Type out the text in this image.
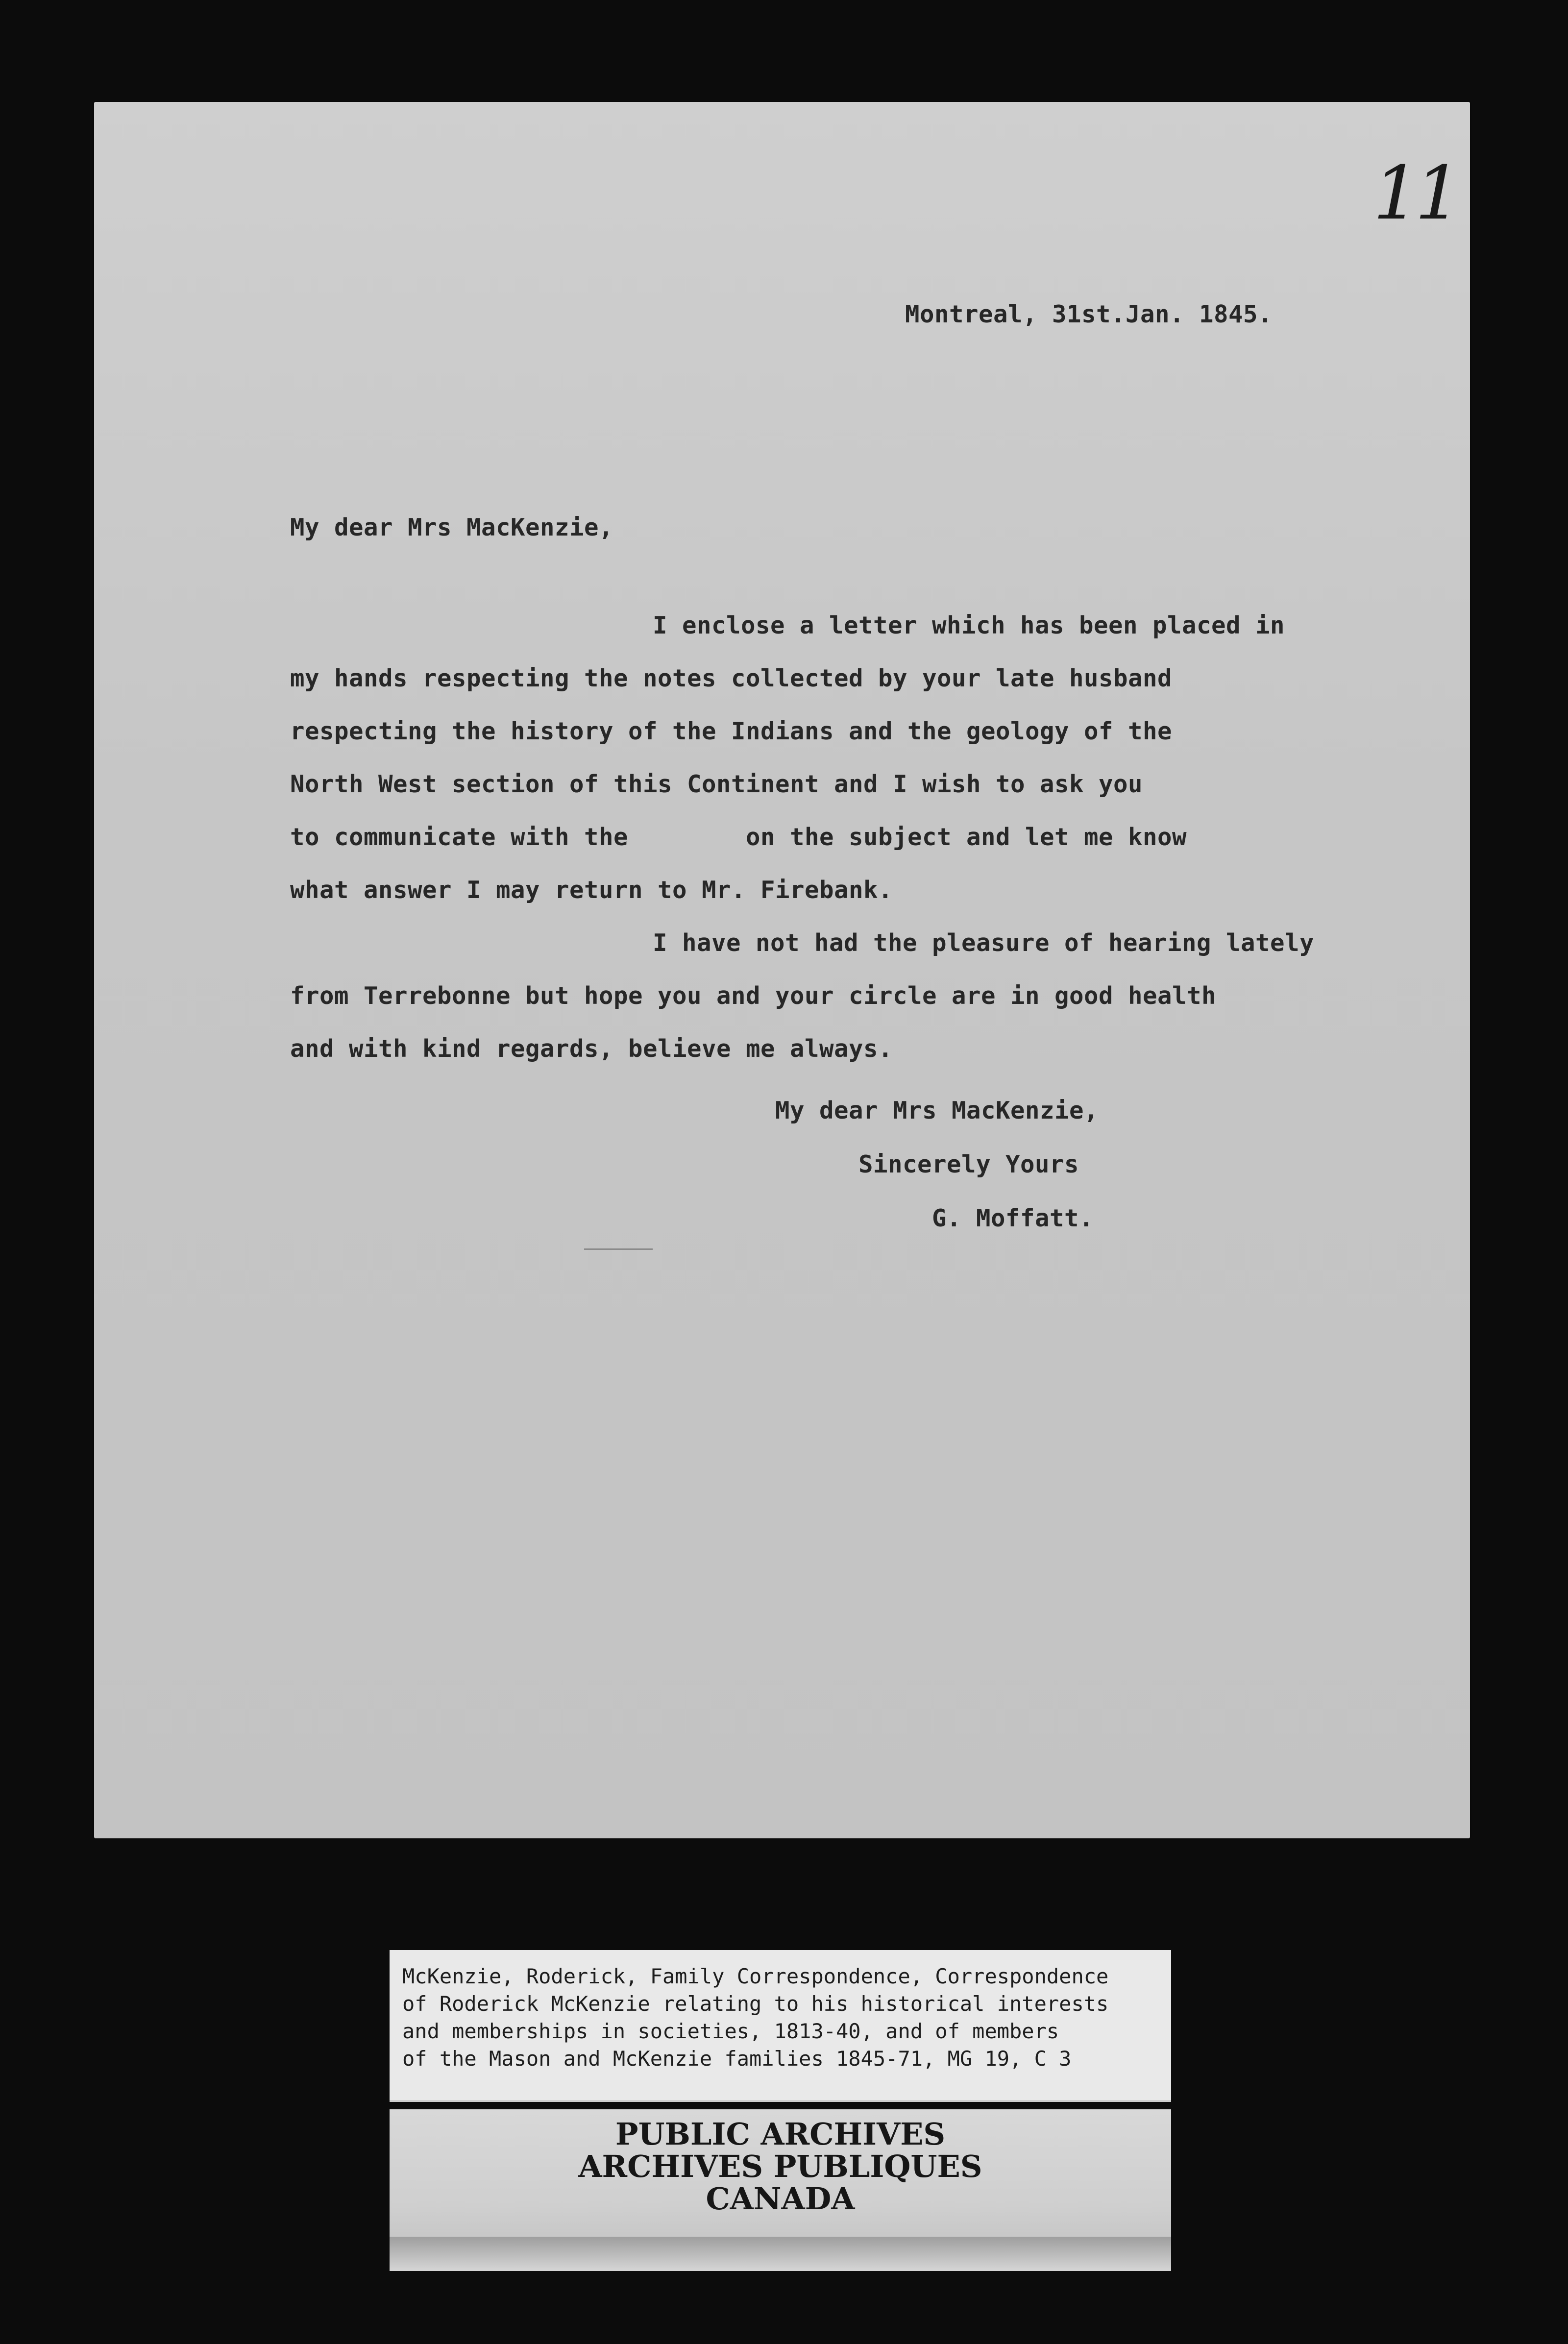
11
Montreal, 31st.Jan. 1845.
My dear Mrs MacKenzie,
I enclose a letter which has been placed in
my hands respecting the notes collected by your late husband
respecting the history of the Indians and the geology of the
North West section of this Continent and I wish to ask you
to communicate with the        on the subject and let me know
what answer I may return to Mr. Firebank.
I have not had the pleasure of hearing lately
from Terrebonne but hope you and your circle are in good health
and with kind regards, believe me always.
My dear Mrs MacKenzie,
Sincerely Yours
G. Moffatt.
McKenzie, Roderick, Family Correspondence, Correspondence
of Roderick McKenzie relating to his historical interests
and memberships in societies, 1813-40, and of members
of the Mason and McKenzie families 1845-71, MG 19, C 3
PUBLIC ARCHIVES
ARCHIVES PUBLIQUES
CANADA
